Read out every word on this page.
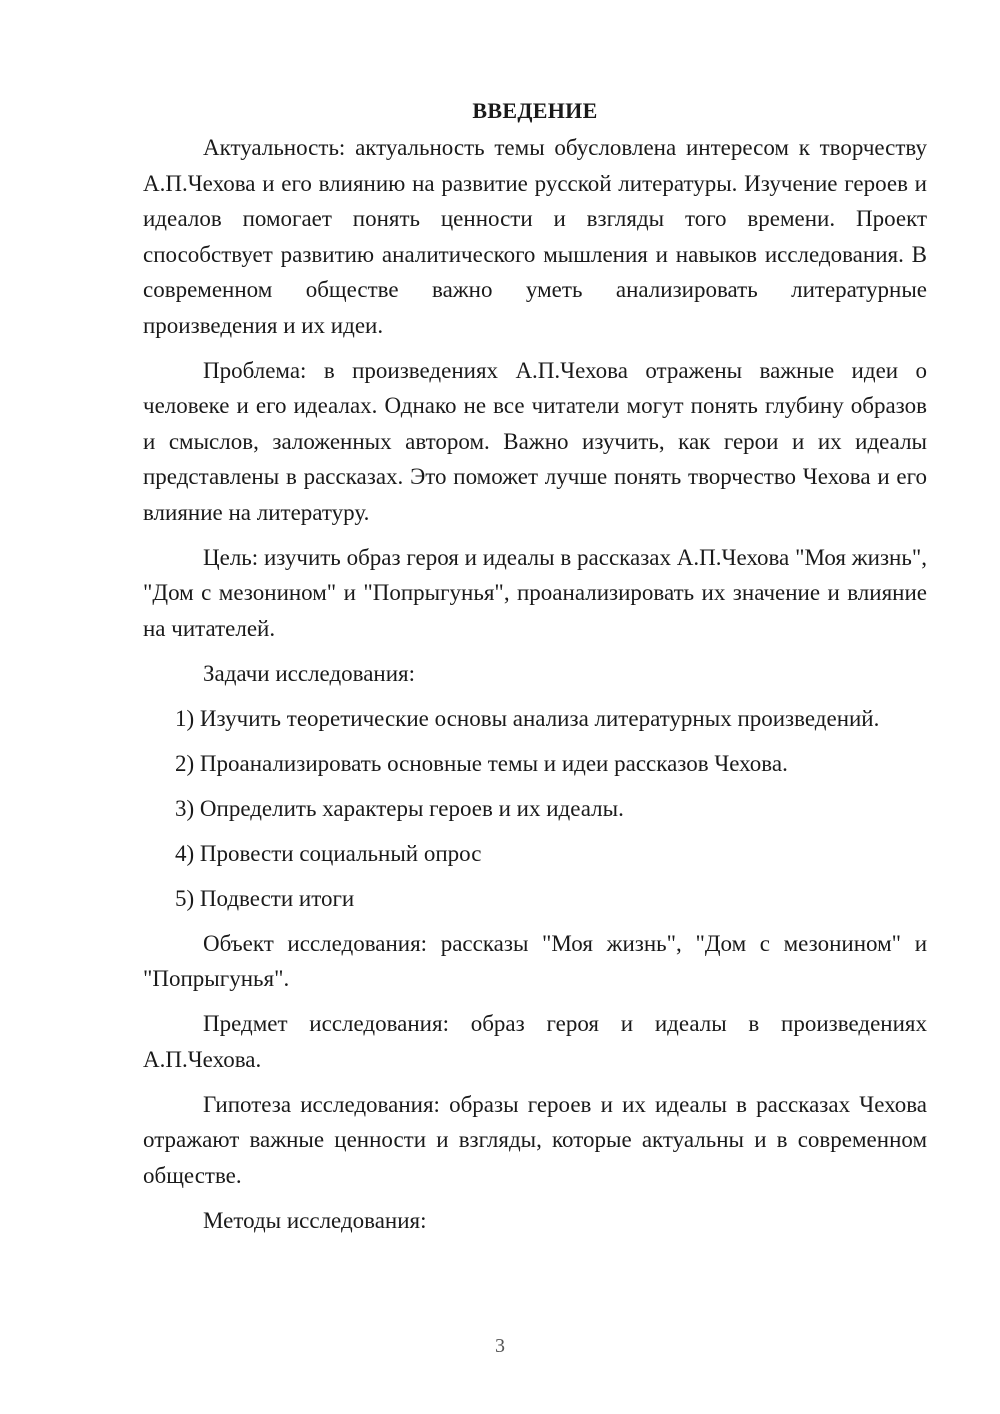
ВВЕДЕНИЕ

Актуальность: актуальность темы обусловлена интересом к творчеству А.П.Чехова и его влиянию на развитие русской литературы. Изучение героев и идеалов помогает понять ценности и взгляды того времени. Проект способствует развитию аналитического мышления и навыков исследования. В современном обществе важно уметь анализировать литературные произведения и их идеи.

Проблема: в произведениях А.П.Чехова отражены важные идеи о человеке и его идеалах. Однако не все читатели могут понять глубину образов и смыслов, заложенных автором. Важно изучить, как герои и их идеалы представлены в рассказах. Это поможет лучше понять творчество Чехова и его влияние на литературу.

Цель: изучить образ героя и идеалы в рассказах А.П.Чехова "Моя жизнь", "Дом с мезонином" и "Попрыгунья", проанализировать их значение и влияние на читателей.

Задачи исследования:

1) Изучить теоретические основы анализа литературных произведений.

2) Проанализировать основные темы и идеи рассказов Чехова.

3) Определить характеры героев и их идеалы.

4) Провести социальный опрос

5) Подвести итоги

Объект исследования: рассказы "Моя жизнь", "Дом с мезонином" и "Попрыгунья".

Предмет исследования: образ героя и идеалы в произведениях А.П.Чехова.

Гипотеза исследования: образы героев и их идеалы в рассказах Чехова отражают важные ценности и взгляды, которые актуальны и в современном обществе.

Методы исследования:

3
